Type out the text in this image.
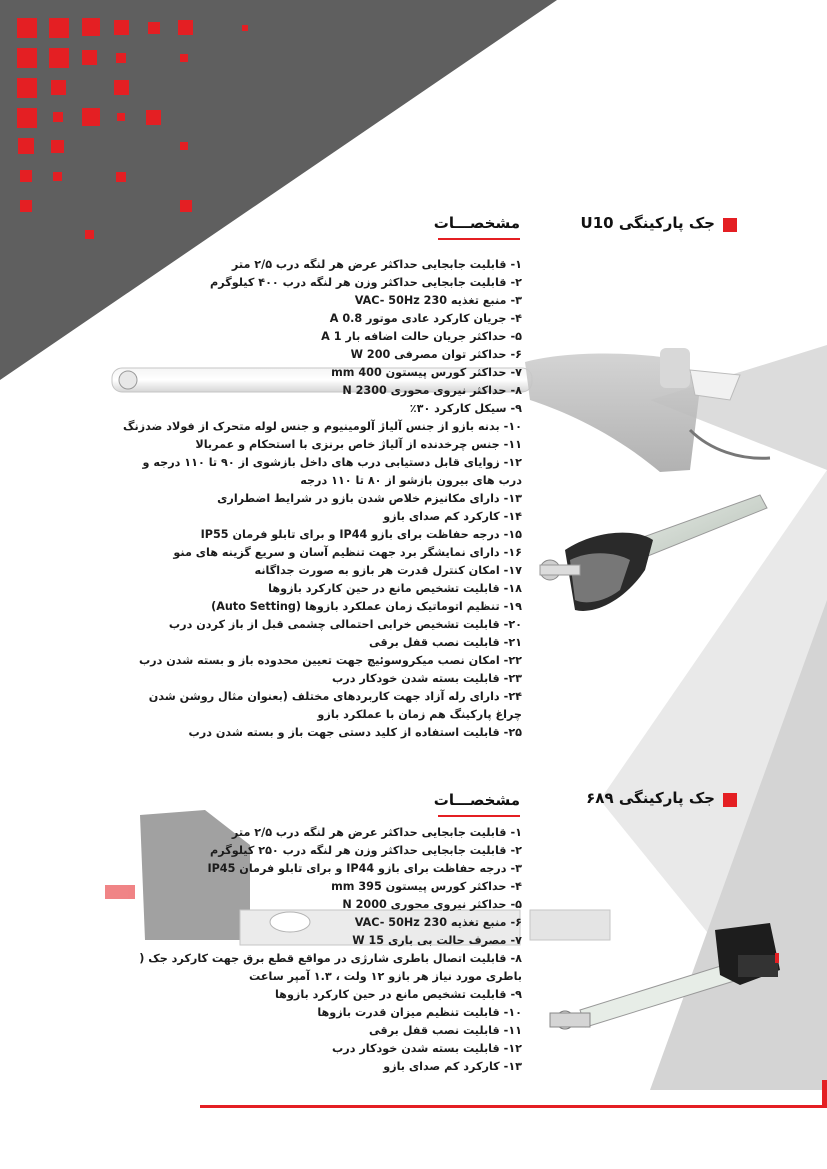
جک پارکینگی U10
مشخصـــات
۱-قابلیت جابجایی حداکثر عرض هر لنگه درب ۲/۵ متر
۲-قابلیت جابجایی حداکثر وزن هر لنگه درب ۴۰۰ کیلوگرم
۳-منبع تغذیه 230 VAC- 50Hz
۴-جریان کارکرد عادی موتور 0.8 A
۵-حداکثر جریان حالت اضافه بار 1 A
۶-حداکثر توان مصرفی 200 W
۷-حداکثر کورس پیستون 400 mm
۸-حداکثر نیروی محوری 2300 N
۹-سیکل کارکرد ۳۰٪
۱۰-بدنه بازو از جنس آلیاژ آلومینیوم و جنس لوله متحرک از فولاد ضدزنگ
۱۱-جنس چرخدنده از آلیاژ خاص برنزی با استحکام و عمربالا
۱۲-زوایای قابل دستیابی درب های داخل بازشوی از ۹۰ تا ۱۱۰ درجه و درب های بیرون بازشو از ۸۰ تا ۱۱۰ درجه
۱۳-دارای مکانیزم خلاص شدن بازو در شرایط اضطراری
۱۴-کارکرد کم صدای بازو
۱۵-درجه حفاظت برای بازو IP44 و برای تابلو فرمان IP55
۱۶-دارای نمایشگر برد جهت تنظیم آسان و سریع گزینه های منو
۱۷-امکان کنترل قدرت هر بازو به صورت جداگانه
۱۸-قابلیت تشخیص مانع در حین کارکرد بازوها
۱۹-تنظیم اتوماتیک زمان عملکرد بازوها (Auto Setting)
۲۰-قابلیت تشخیص خرابی احتمالی چشمی قبل از باز کردن درب
۲۱-قابلیت نصب قفل برقی
۲۲-امکان نصب میکروسوئیچ جهت تعیین محدوده باز و بسته شدن درب
۲۳-قابلیت بسته شدن خودکار درب
۲۴-دارای رله آزاد جهت کاربردهای مختلف (بعنوان مثال روشن شدن چراغ پارکینگ هم زمان با عملکرد بازو
۲۵-قابلیت استفاده از کلید دستی جهت باز و بسته شدن درب
جک پارکینگی ۶۸۹
مشخصـــات
۱-قابلیت جابجایی حداکثر عرض هر لنگه درب ۲/۵ متر
۲-قابلیت جابجایی حداکثر وزن هر لنگه درب ۲۵۰ کیلوگرم
۳-درجه حفاظت برای بازو IP44 و برای تابلو فرمان IP45
۴-حداکثر کورس پیستون 395 mm
۵-حداکثر نیروی محوری 2000 N
۶-منبع تغذیه 230 VAC- 50Hz
۷-مصرف حالت بی باری 15 W
۸-قابلیت اتصال باطری شارژی در مواقع قطع برق جهت کارکرد جک ( باطری مورد نیاز هر بازو ۱۲ ولت ، ۱.۳ آمپر ساعت
۹-قابلیت تشخیص مانع در حین کارکرد بازوها
۱۰-قابلیت تنظیم میزان قدرت بازوها
۱۱-قابلیت نصب قفل برقی
۱۲-قابلیت بسته شدن خودکار درب
۱۳-کارکرد کم صدای بازو
